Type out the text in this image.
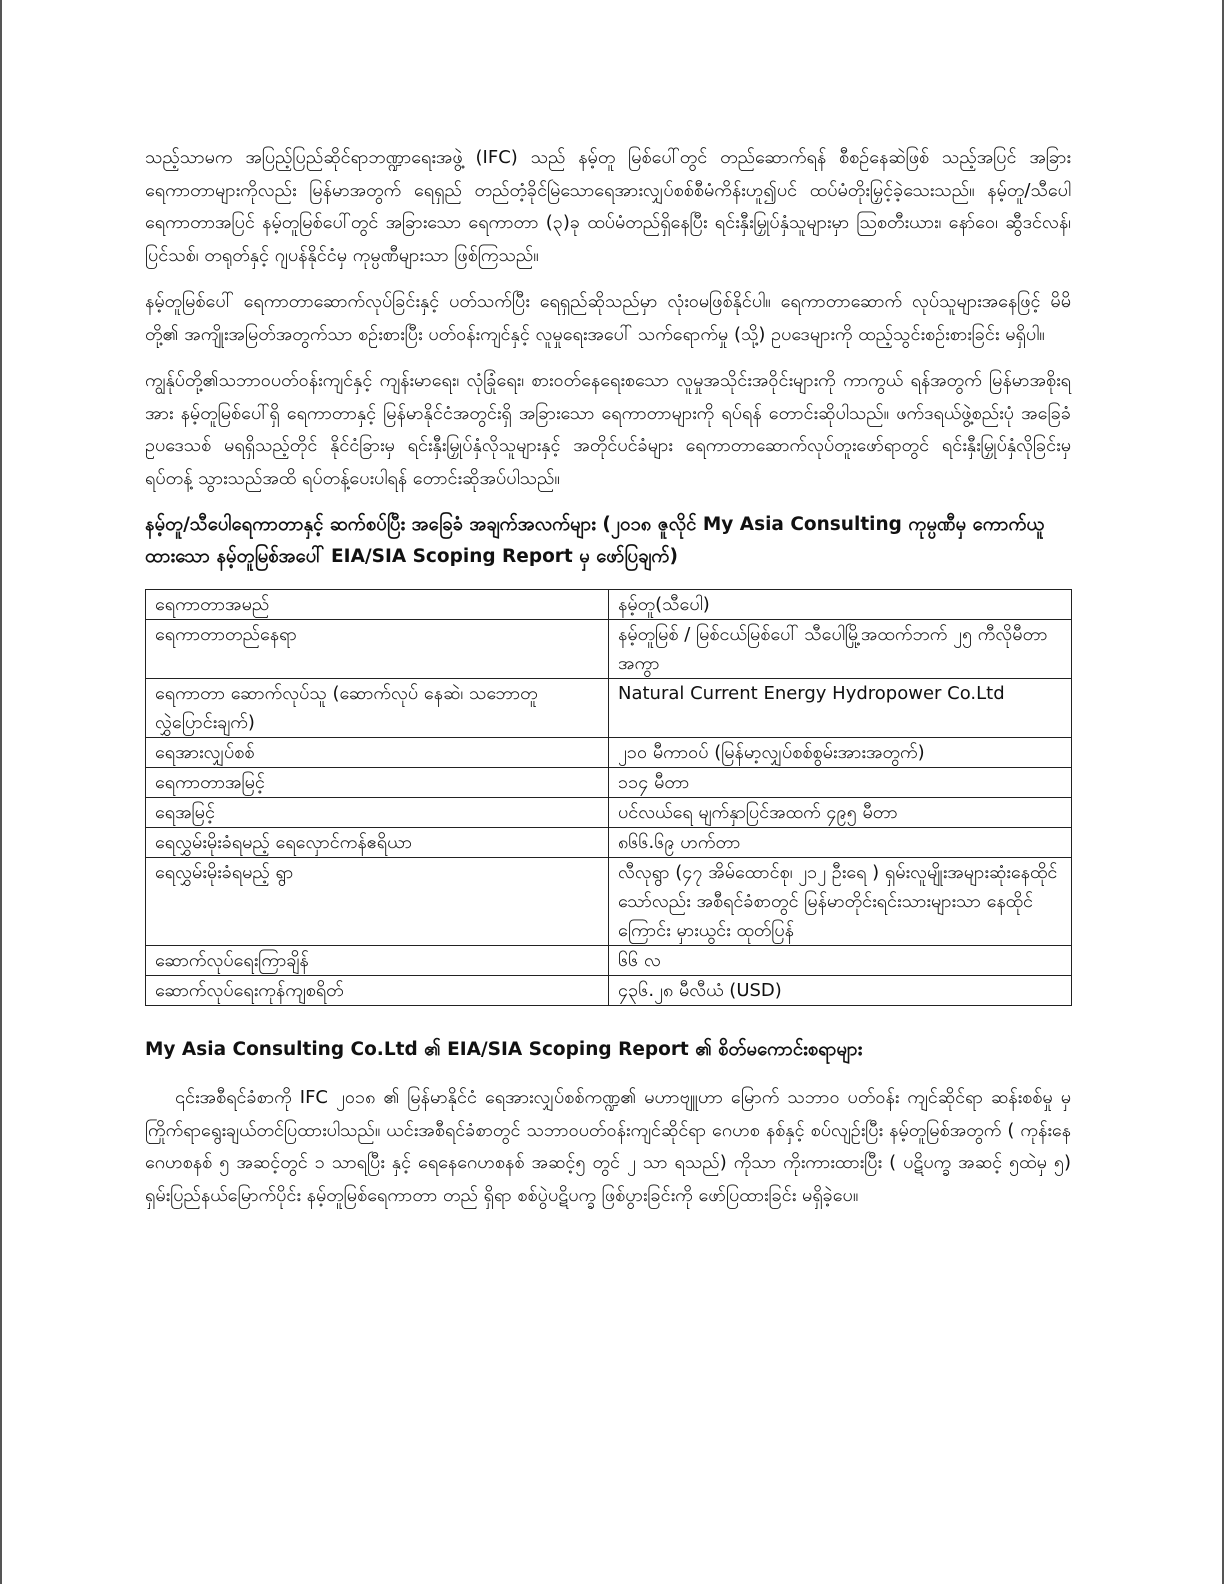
သည့်သာမက အပြည့်ပြည်ဆိုင်ရာဘဏ္ဍာရေးအဖွဲ့ (IFC) သည် နမ့်တူ မြစ်ပေါ်တွင် တည်ဆောက်ရန် စီစဉ်နေဆဲဖြစ် သည့်အပြင် အခြားရေကာတာများကိုလည်း မြန်မာအတွက် ရေရှည် တည်တံ့ခိုင်မြဲသောရေအားလျှပ်စစ်စီမံကိန်းဟူ၍ပင် ထပ်မံတိုးမြှင့်ခဲ့သေးသည်။ နမ့်တူ/သီပေါ ရေကာတာအပြင် နမ့်တူမြစ်ပေါ်တွင် အခြားသော ရေကာတာ (၃)ခု ထပ်မံတည်ရှိနေပြီး ရင်းနှီးမြှုပ်နှံသူများမှာ ဩစတီးယား၊ နော်ဝေ၊ ဆွီဒင်လန်၊ ပြင်သစ်၊ တရုတ်နှင့် ဂျပန်နိုင်ငံမှ ကုမ္ပဏီများသာ ဖြစ်ကြသည်။

နမ့်တူမြစ်ပေါ် ရေကာတာဆောက်လုပ်ခြင်းနှင့် ပတ်သက်ပြီး ရေရှည်ဆိုသည်မှာ လုံးဝမဖြစ်နိုင်ပါ။ ရေကာတာဆောက် လုပ်သူများအနေဖြင့် မိမိတို့၏ အကျိုးအမြတ်အတွက်သာ စဉ်းစားပြီး ပတ်ဝန်းကျင်နှင့် လူမှုရေးအပေါ် သက်ရောက်မှု (သို့) ဥပဒေများကို ထည့်သွင်းစဉ်းစားခြင်း မရှိပါ။

ကျွန်ုပ်တို့၏သဘာဝပတ်ဝန်းကျင်နှင့် ကျန်းမာရေး၊ လုံခြုံရေး၊ စားဝတ်နေရေးစသော လူမှုအသိုင်းအဝိုင်းများကို ကာကွယ် ရန်အတွက် မြန်မာအစိုးရအား နမ့်တူမြစ်ပေါ်ရှိ ရေကာတာနှင့် မြန်မာနိုင်ငံအတွင်းရှိ အခြားသော ရေကာတာများကို ရပ်ရန် တောင်းဆိုပါသည်။ ဖက်ဒရယ်ဖွဲ့စည်းပုံ အခြေခံဥပဒေသစ် မရရှိသည့်တိုင် နိုင်ငံခြားမှ ရင်းနှီးမြှုပ်နှံလိုသူများနှင့် အတိုင်ပင်ခံများ ရေကာတာဆောက်လုပ်တူးဖော်ရာတွင် ရင်းနှီးမြှုပ်နှံလိုခြင်းမှ ရပ်တန့် သွားသည်အထိ ရပ်တန့်ပေးပါရန် တောင်းဆိုအပ်ပါသည်။

နမ့်တူ/သီပေါရေကာတာနှင့် ဆက်စပ်ပြီး အခြေခံ အချက်အလက်များ (၂၀၁၈ ဇူလိုင် My Asia Consulting ကုမ္ပဏီမှ ကောက်ယူထားသော နမ့်တူမြစ်အပေါ် EIA/SIA Scoping Report မှ ဖော်ပြချက်)
ရေကာတာအမည်	နမ့်တူ(သီပေါ)
ရေကာတာတည်နေရာ	နမ့်တူမြစ် / မြစ်ငယ်မြစ်ပေါ် သီပေါမြို့အထက်ဘက် ၂၅ ကီလိုမီတာအကွာ
ရေကာတာ ဆောက်လုပ်သူ (ဆောက်လုပ် နေဆဲ၊ သဘောတူ လွှဲပြောင်းချက်)	Natural Current Energy Hydropower Co.Ltd
ရေအားလျှပ်စစ်	၂၁၀ မီကာဝပ် (မြန်မာ့လျှပ်စစ်စွမ်းအားအတွက်)
ရေကာတာအမြင့်	၁၁၄ မီတာ
ရေအမြင့်	ပင်လယ်ရေ မျက်နှာပြင်အထက် ၄၉၅ မီတာ
ရေလွှမ်းမိုးခံရမည့် ရေလှောင်ကန်ဧရိယာ	၈၆၆.၆၉ ဟက်တာ
ရေလွှမ်းမိုးခံရမည့် ရွာ	လီလုရွာ (၄၇ အိမ်ထောင်စု၊ ၂၁၂ ဦးရေ ) ရှမ်းလူမျိုးအများဆုံးနေထိုင်သော်လည်း အစီရင်ခံစာတွင် မြန်မာတိုင်းရင်းသားများသာ နေထိုင်ကြောင်း မှားယွင်း ထုတ်ပြန်
ဆောက်လုပ်ရေးကြာချိန်	၆၆ လ
ဆောက်လုပ်ရေးကုန်ကျစရိတ်	၄၃၆.၂၈ မီလီယံ (USD)
My Asia Consulting Co.Ltd ၏ EIA/SIA Scoping Report ၏ စိတ်မကောင်းစရာများ

၎င်းအစီရင်ခံစာကို IFC ၂၀၁၈ ၏ မြန်မာနိုင်ငံ ရေအားလျှပ်စစ်ကဏ္ဍ၏ မဟာဗျူဟာ မြောက် သဘာဝ ပတ်ဝန်း ကျင်ဆိုင်ရာ ဆန်းစစ်မှု မှ ကြိုက်ရာရွေးချယ်တင်ပြထားပါသည်။ ယင်းအစီရင်ခံစာတွင် သဘာဝပတ်ဝန်းကျင်ဆိုင်ရာ ဂေဟစ နစ်နှင့် စပ်လျဉ်းပြီး နမ့်တူမြစ်အတွက် ( ကုန်းနေ ဂေဟစနစ် ၅ အဆင့်တွင် ၁ သာရပြီး နှင့် ရေနေဂေဟစနစ် အဆင့်၅ တွင် ၂ သာ ရသည်) ကိုသာ ကိုးကားထားပြီး ( ပဋိပက္ခ အဆင့် ၅ထဲမှ ၅) ရှမ်းပြည်နယ်မြောက်ပိုင်း နမ့်တူမြစ်ရေကာတာ တည် ရှိရာ စစ်ပွဲပဋိပက္ခ ဖြစ်ပွားခြင်းကို ဖော်ပြထားခြင်း မရှိခဲ့ပေ။
